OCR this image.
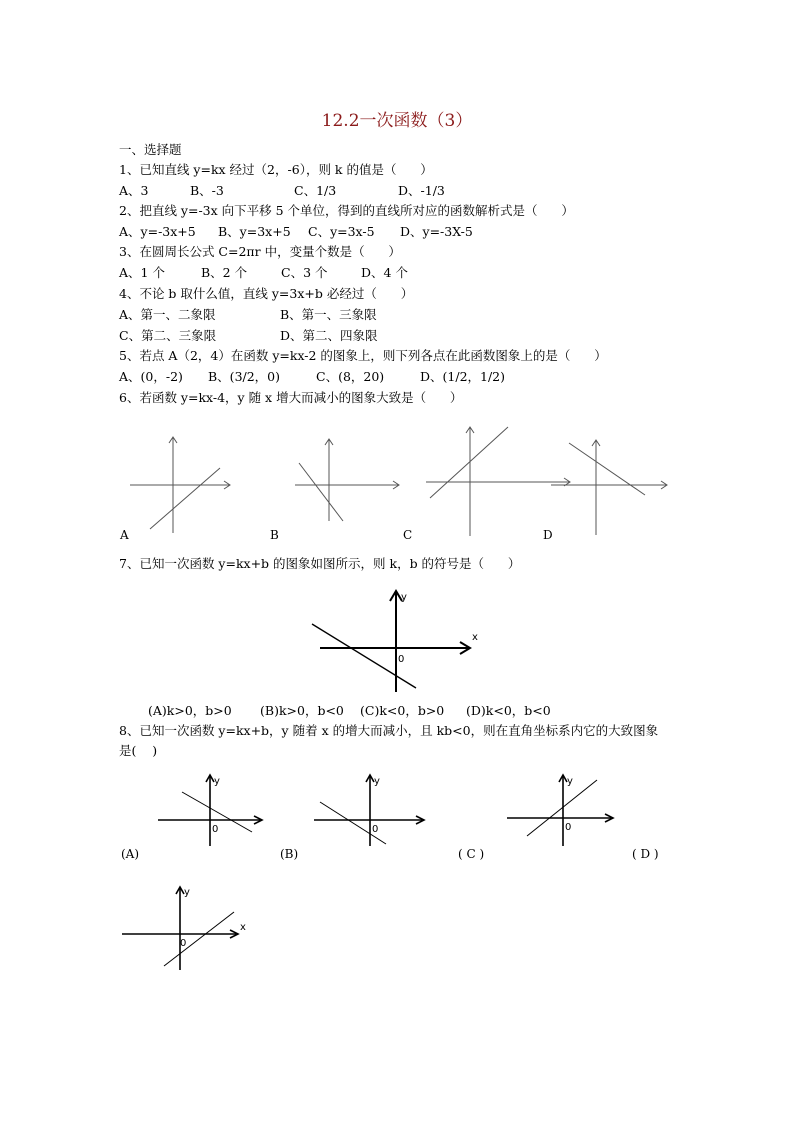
12.2一次函数（3）
一、选择题
1、已知直线 y=kx 经过（2，-6），则 k 的值是（      ）
A、3	B、-3	C、1/3	D、-1/3
2、把直线 y=-3x 向下平移 5 个单位，得到的直线所对应的函数解析式是（      ）
A、y=-3x+5 B、y=3x+5 C、y=3x-5 D、y=-3X-5
3、在圆周长公式 C=2πr 中，变量个数是（      ）
A、1 个	B、2 个	C、3 个	D、4 个
4、不论 b 取什么值，直线 y=3x+b 必经过（      ）
A、第一、二象限	B、第一、三象限
C、第二、三象限	D、第二、四象限
5、若点 A（2，4）在函数 y=kx-2 的图象上，则下列各点在此函数图象上的是（      ）
A、(0，-2) B、(3/2，0)	C、(8，20)	D、(1/2，1/2)
6、若函数 y=kx-4，y 随 x 增大而减小的图象大致是（      ）
A	B	C	D
7、已知一次函数 y=kx+b 的图象如图所示，则 k，b 的符号是（      ）
x
y
0
(A)k>0，b>0 (B)k>0，b<0 (C)k<0，b>0 (D)k<0，b<0
8、已知一次函数 y=kx+b，y 随着 x 的增大而减小，且 kb<0，则在直角坐标系内它的大致图象
是(    )
y
0
(A)
y
0
(B)
y
0
( C )	( D )
x
y
0
